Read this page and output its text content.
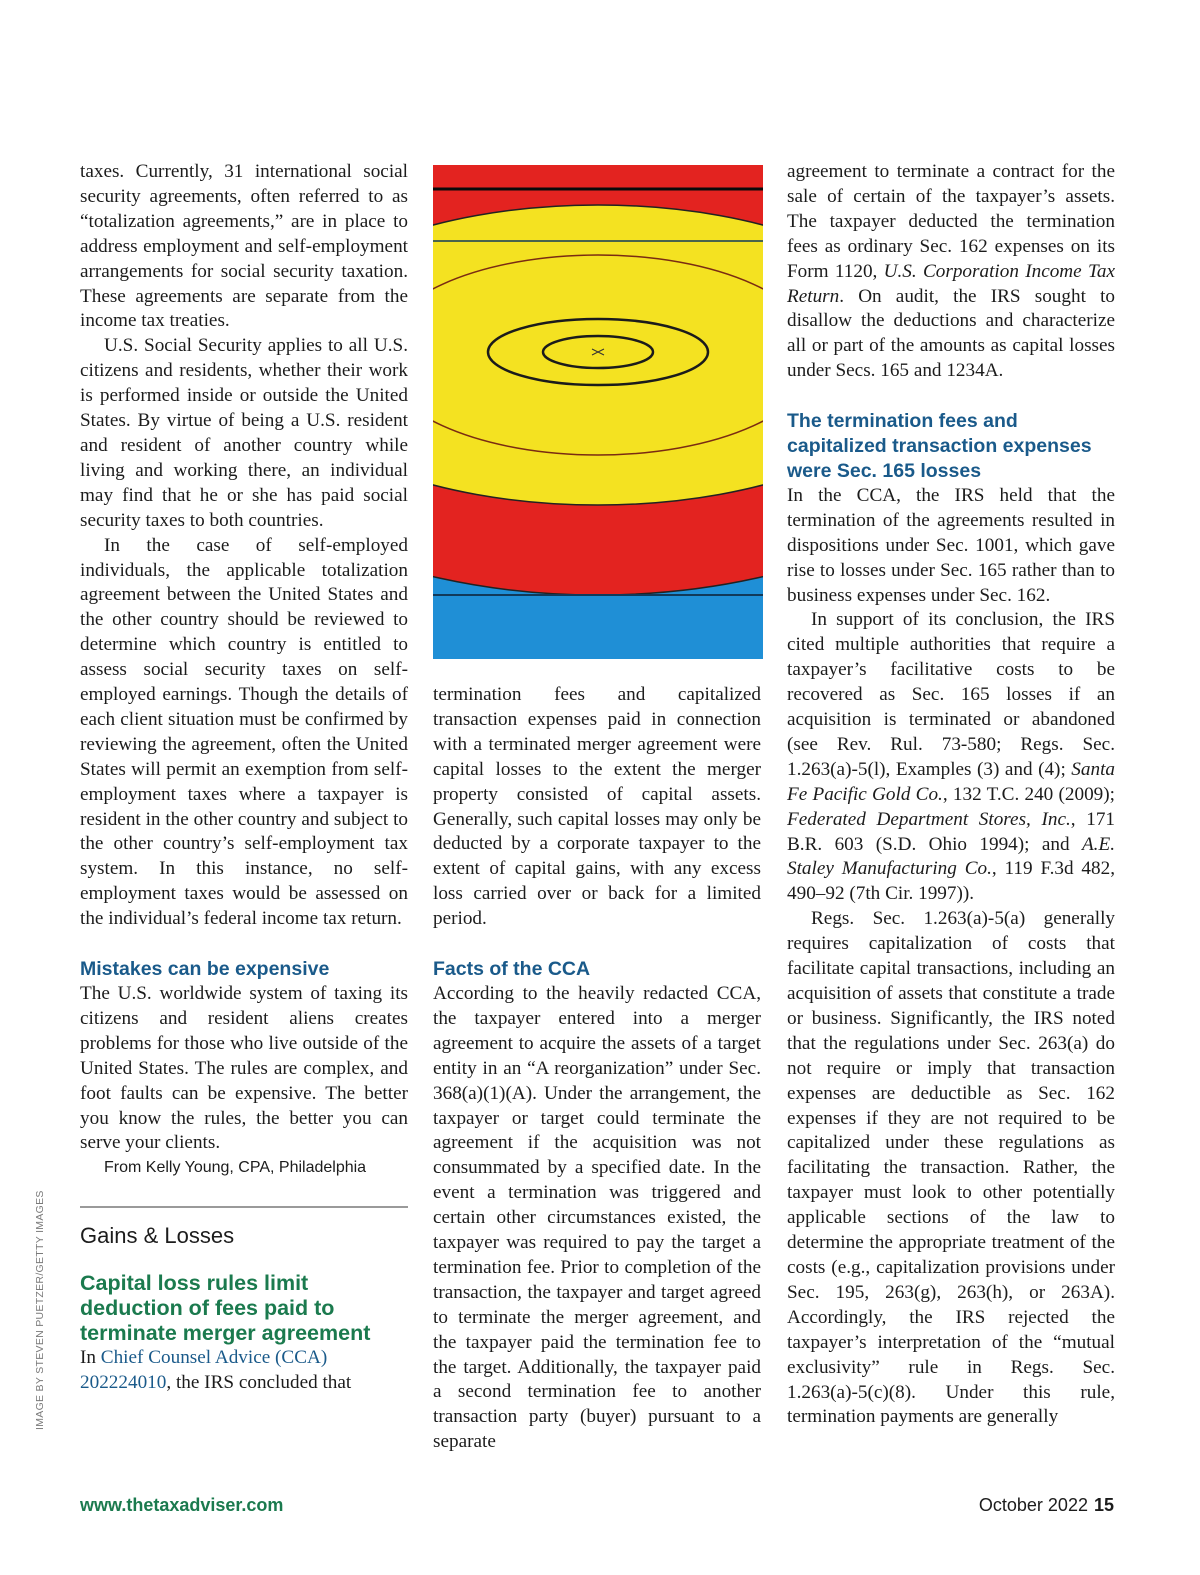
IMAGE BY STEVEN PUETZER/GETTY IMAGES

taxes. Currently, 31 international social security agreements, often referred to as “totalization agreements,” are in place to address employment and self-employment arrangements for social security taxation. These agreements are separate from the income tax treaties.

U.S. Social Security applies to all U.S. citizens and residents, whether their work is performed inside or outside the United States. By virtue of being a U.S. resident and resident of another country while living and working there, an individual may find that he or she has paid social security taxes to both countries.

In the case of self-employed individuals, the applicable totalization agreement between the United States and the other country should be reviewed to determine which country is entitled to assess social security taxes on self-employed earnings. Though the details of each client situation must be confirmed by reviewing the agreement, often the United States will permit an exemption from self-employment taxes where a taxpayer is resident in the other country and subject to the other country’s self-employment tax system. In this instance, no self-employment taxes would be assessed on the individual’s federal income tax return.

Mistakes can be expensive

The U.S. worldwide system of taxing its citizens and resident aliens creates problems for those who live outside of the United States. The rules are complex, and foot faults can be expensive. The better you know the rules, the better you can serve your clients.

From Kelly Young, CPA, Philadelphia

Gains & Losses
Capital loss rules limit deduction of fees paid to terminate merger agreement

In Chief Counsel Advice (CCA) 202224010, the IRS concluded that

termination fees and capitalized transaction expenses paid in connection with a terminated merger agreement were capital losses to the extent the merger property consisted of capital assets. Generally, such capital losses may only be deducted by a corporate taxpayer to the extent of capital gains, with any excess loss carried over or back for a limited period.

Facts of the CCA

According to the heavily redacted CCA, the taxpayer entered into a merger agreement to acquire the assets of a target entity in an “A reorganization” under Sec. 368(a)(1)(A). Under the arrangement, the taxpayer or target could terminate the agreement if the acquisition was not consummated by a specified date. In the event a termination was triggered and certain other circumstances existed, the taxpayer was required to pay the target a termination fee. Prior to completion of the transaction, the taxpayer and target agreed to terminate the merger agreement, and the taxpayer paid the termination fee to the target. Additionally, the taxpayer paid a second termination fee to another transaction party (buyer) pursuant to a separate

agreement to terminate a contract for the sale of certain of the taxpayer’s assets. The taxpayer deducted the termination fees as ordinary Sec. 162 expenses on its Form 1120, U.S. Corporation Income Tax Return. On audit, the IRS sought to disallow the deductions and characterize all or part of the amounts as capital losses under Secs. 165 and 1234A.

The termination fees and capitalized transaction expenses were Sec. 165 losses

In the CCA, the IRS held that the termination of the agreements resulted in dispositions under Sec. 1001, which gave rise to losses under Sec. 165 rather than to business expenses under Sec. 162.

In support of its conclusion, the IRS cited multiple authorities that require a taxpayer’s facilitative costs to be recovered as Sec. 165 losses if an acquisition is terminated or abandoned (see Rev. Rul. 73-580; Regs. Sec. 1.263(a)-5(l), Examples (3) and (4); Santa Fe Pacific Gold Co., 132 T.C. 240 (2009); Federated Department Stores, Inc., 171 B.R. 603 (S.D. Ohio 1994); and A.E. Staley Manufacturing Co., 119 F.3d 482, 490–92 (7th Cir. 1997)).

Regs. Sec. 1.263(a)-5(a) generally requires capitalization of costs that facilitate capital transactions, including an acquisition of assets that constitute a trade or business. Significantly, the IRS noted that the regulations under Sec. 263(a) do not require or imply that transaction expenses are deductible as Sec. 162 expenses if they are not required to be capitalized under these regulations as facilitating the transaction. Rather, the taxpayer must look to other potentially applicable sections of the law to determine the appropriate treatment of the costs (e.g., capitalization provisions under Sec. 195, 263(g), 263(h), or 263A). Accordingly, the IRS rejected the taxpayer’s interpretation of the “mutual exclusivity” rule in Regs. Sec. 1.263(a)-5(c)(8). Under this rule, termination payments are generally

www.thetaxadviser.com	October 2022 15
